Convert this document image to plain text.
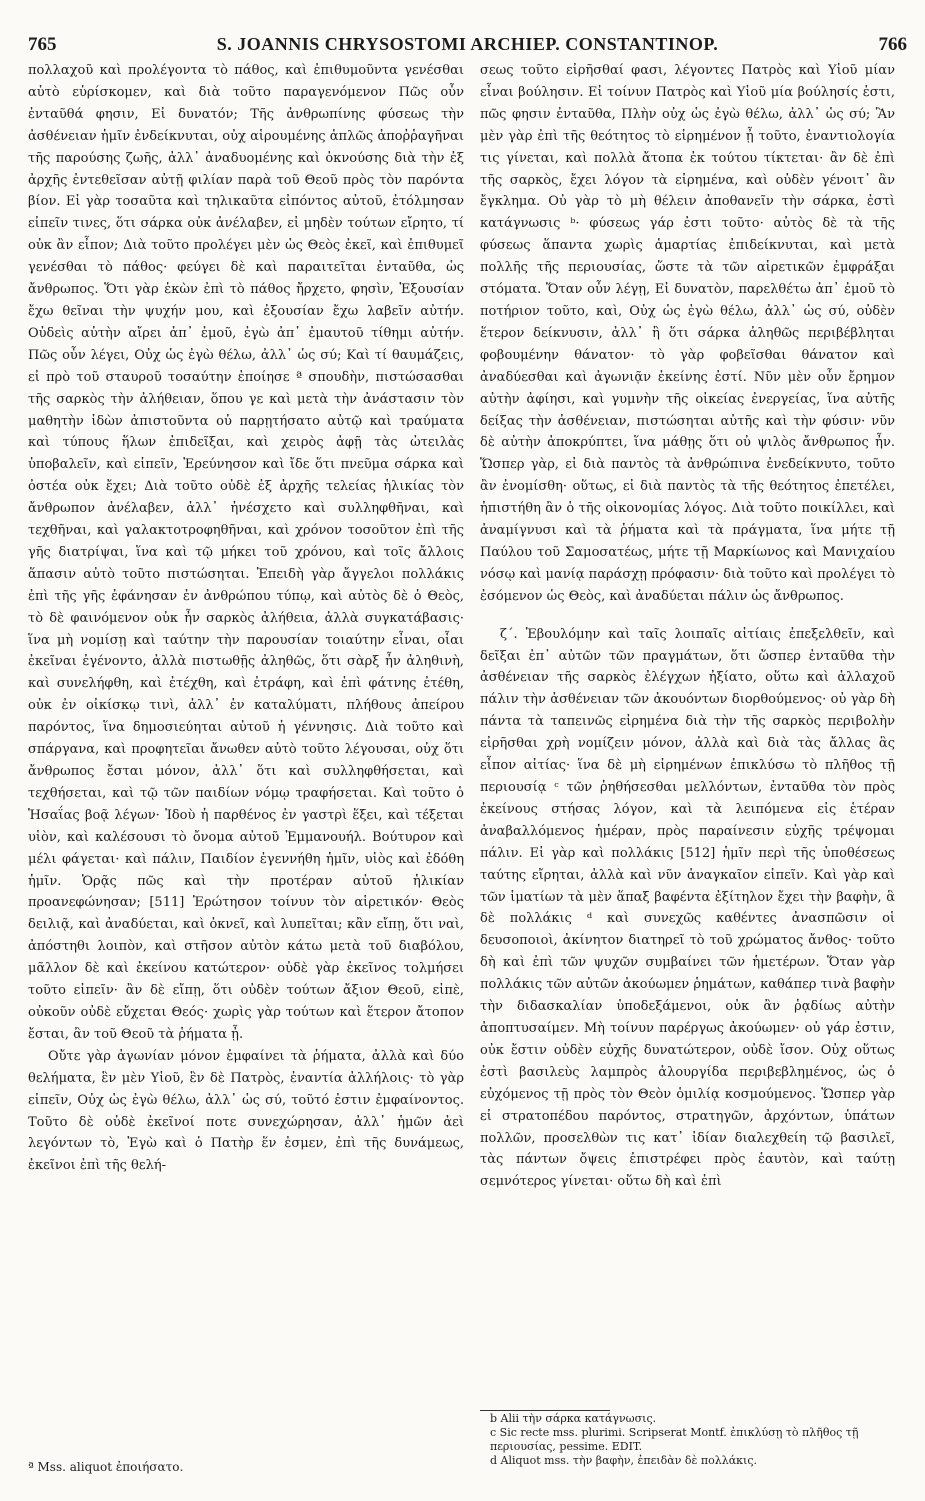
765	S. JOANNIS CHRYSOSTOMI ARCHIEP. CONSTANTINOP.	766

πολλαχοῦ καὶ προλέγοντα τὸ πάθος, καὶ ἐπιθυμοῦντα γενέσθαι αὐτὸ εὑρίσκομεν, καὶ διὰ τοῦτο παραγενόμενον Πῶς οὖν ἐνταῦθά φησιν, Εἰ δυνατόν; Τῆς ἀνθρωπίνης φύσεως τὴν ἀσθένειαν ἡμῖν ἐνδείκνυται, οὐχ αἱρουμένης ἁπλῶς ἀποῤῥαγῆναι τῆς παρούσης ζωῆς, ἀλλ᾽ ἀναδυομένης καὶ ὀκνούσης διὰ τὴν ἐξ ἀρχῆς ἐντεθεῖσαν αὐτῇ φιλίαν παρὰ τοῦ Θεοῦ πρὸς τὸν παρόντα βίον. Εἰ γὰρ τοσαῦτα καὶ τηλικαῦτα εἰπόντος αὐτοῦ, ἐτόλμησαν εἰπεῖν τινες, ὅτι σάρκα οὐκ ἀνέλαβεν, εἰ μηδὲν τούτων εἴρητο, τί οὐκ ἂν εἶπον; Διὰ τοῦτο προλέγει μὲν ὡς Θεὸς ἐκεῖ, καὶ ἐπιθυμεῖ γενέσθαι τὸ πάθος· φεύγει δὲ καὶ παραιτεῖται ἐνταῦθα, ὡς ἄνθρωπος. Ὅτι γὰρ ἑκὼν ἐπὶ τὸ πάθος ἤρχετο, φησὶν, Ἐξουσίαν ἔχω θεῖναι τὴν ψυχήν μου, καὶ ἐξουσίαν ἔχω λαβεῖν αὐτήν. Οὐδεὶς αὐτὴν αἴρει ἀπ᾽ ἐμοῦ, ἐγὼ ἀπ᾽ ἐμαυτοῦ τίθημι αὐτήν. Πῶς οὖν λέγει, Οὐχ ὡς ἐγὼ θέλω, ἀλλ᾽ ὡς σύ; Καὶ τί θαυμάζεις, εἰ πρὸ τοῦ σταυροῦ τοσαύτην ἐποίησε ª σπουδὴν, πιστώσασθαι τῆς σαρκὸς τὴν ἀλήθειαν, ὅπου γε καὶ μετὰ τὴν ἀνάστασιν τὸν μαθητὴν ἰδὼν ἀπιστοῦντα οὐ παρῃτήσατο αὐτῷ καὶ τραύματα καὶ τύπους ἥλων ἐπιδεῖξαι, καὶ χειρὸς ἀφῇ τὰς ὠτειλὰς ὑποβαλεῖν, καὶ εἰπεῖν, Ἐρεύνησον καὶ ἴδε ὅτι πνεῦμα σάρκα καὶ ὀστέα οὐκ ἔχει; Διὰ τοῦτο οὐδὲ ἐξ ἀρχῆς τελείας ἡλικίας τὸν ἄνθρωπον ἀνέλαβεν, ἀλλ᾽ ἠνέσχετο καὶ συλληφθῆναι, καὶ τεχθῆναι, καὶ γαλακτοτροφηθῆναι, καὶ χρόνον τοσοῦτον ἐπὶ τῆς γῆς διατρίψαι, ἵνα καὶ τῷ μήκει τοῦ χρόνου, καὶ τοῖς ἄλλοις ἅπασιν αὐτὸ τοῦτο πιστώσηται. Ἐπειδὴ γὰρ ἄγγελοι πολλάκις ἐπὶ τῆς γῆς ἐφάνησαν ἐν ἀνθρώπου τύπῳ, καὶ αὐτὸς δὲ ὁ Θεὸς, τὸ δὲ φαινόμενον οὐκ ἦν σαρκὸς ἀλήθεια, ἀλλὰ συγκατάβασις· ἵνα μὴ νομίσῃ καὶ ταύτην τὴν παρουσίαν τοιαύτην εἶναι, οἷαι ἐκεῖναι ἐγένοντο, ἀλλὰ πιστωθῇς ἀληθῶς, ὅτι σὰρξ ἦν ἀληθινὴ, καὶ συνελήφθη, καὶ ἐτέχθη, καὶ ἐτράφη, καὶ ἐπὶ φάτνης ἐτέθη, οὐκ ἐν οἰκίσκῳ τινὶ, ἀλλ᾽ ἐν καταλύματι, πλήθους ἀπείρου παρόντος, ἵνα δημοσιεύηται αὐτοῦ ἡ γέννησις. Διὰ τοῦτο καὶ σπάργανα, καὶ προφητεῖαι ἄνωθεν αὐτὸ τοῦτο λέγουσαι, οὐχ ὅτι ἄνθρωπος ἔσται μόνον, ἀλλ᾽ ὅτι καὶ συλληφθήσεται, καὶ τεχθήσεται, καὶ τῷ τῶν παιδίων νόμῳ τραφήσεται. Καὶ τοῦτο ὁ Ἡσαΐας βοᾷ λέγων· Ἰδοὺ ἡ παρθένος ἐν γαστρὶ ἕξει, καὶ τέξεται υἱὸν, καὶ καλέσουσι τὸ ὄνομα αὐτοῦ Ἐμμανουήλ. Βούτυρον καὶ μέλι φάγεται· καὶ πάλιν, Παιδίον ἐγεννήθη ἡμῖν, υἱὸς καὶ ἐδόθη ἡμῖν. Ὁρᾷς πῶς καὶ τὴν προτέραν αὐτοῦ ἡλικίαν προανεφώνησαν; [511] Ἐρώτησον τοίνυν τὸν αἱρετικόν· Θεὸς δειλιᾷ, καὶ ἀναδύεται, καὶ ὀκνεῖ, καὶ λυπεῖται; κἂν εἴπῃ, ὅτι ναὶ, ἀπόστηθι λοιπὸν, καὶ στῆσον αὐτὸν κάτω μετὰ τοῦ διαβόλου, μᾶλλον δὲ καὶ ἐκείνου κατώτερον· οὐδὲ γὰρ ἐκεῖνος τολμήσει τοῦτο εἰπεῖν· ἂν δὲ εἴπῃ, ὅτι οὐδὲν τούτων ἄξιον Θεοῦ, εἰπὲ, οὐκοῦν οὐδὲ εὔχεται Θεός· χωρὶς γὰρ τούτων καὶ ἕτερον ἄτοπον ἔσται, ἂν τοῦ Θεοῦ τὰ ῥήματα ᾖ.

Οὔτε γὰρ ἀγωνίαν μόνον ἐμφαίνει τὰ ῥήματα, ἀλλὰ καὶ δύο θελήματα, ἓν μὲν Υἱοῦ, ἓν δὲ Πατρὸς, ἐναντία ἀλλήλοις· τὸ γὰρ εἰπεῖν, Οὐχ ὡς ἐγὼ θέλω, ἀλλ᾽ ὡς σύ, τοῦτό ἐστιν ἐμφαίνοντος. Τοῦτο δὲ οὐδὲ ἐκεῖνοί ποτε συνεχώρησαν, ἀλλ᾽ ἡμῶν ἀεὶ λεγόντων τὸ, Ἐγὼ καὶ ὁ Πατὴρ ἕν ἐσμεν, ἐπὶ τῆς δυνάμεως, ἐκεῖνοι ἐπὶ τῆς θελή-

σεως τοῦτο εἰρῆσθαί φασι, λέγοντες Πατρὸς καὶ Υἱοῦ μίαν εἶναι βούλησιν. Εἰ τοίνυν Πατρὸς καὶ Υἱοῦ μία βούλησίς ἐστι, πῶς φησιν ἐνταῦθα, Πλὴν οὐχ ὡς ἐγὼ θέλω, ἀλλ᾽ ὡς σύ; Ἂν μὲν γὰρ ἐπὶ τῆς θεότητος τὸ εἰρημένον ᾖ τοῦτο, ἐναντιολογία τις γίνεται, καὶ πολλὰ ἄτοπα ἐκ τούτου τίκτεται· ἂν δὲ ἐπὶ τῆς σαρκὸς, ἔχει λόγον τὰ εἰρημένα, καὶ οὐδὲν γένοιτ᾽ ἂν ἔγκλημα. Οὐ γὰρ τὸ μὴ θέλειν ἀποθανεῖν τὴν σάρκα, ἐστὶ κατάγνωσις ᵇ· φύσεως γάρ ἐστι τοῦτο· αὐτὸς δὲ τὰ τῆς φύσεως ἅπαντα χωρὶς ἁμαρτίας ἐπιδείκνυται, καὶ μετὰ πολλῆς τῆς περιουσίας, ὥστε τὰ τῶν αἱρετικῶν ἐμφράξαι στόματα. Ὅταν οὖν λέγῃ, Εἰ δυνατὸν, παρελθέτω ἀπ᾽ ἐμοῦ τὸ ποτήριον τοῦτο, καὶ, Οὐχ ὡς ἐγὼ θέλω, ἀλλ᾽ ὡς σύ, οὐδὲν ἕτερον δείκνυσιν, ἀλλ᾽ ἢ ὅτι σάρκα ἀληθῶς περιβέβληται φοβουμένην θάνατον· τὸ γὰρ φοβεῖσθαι θάνατον καὶ ἀναδύεσθαι καὶ ἀγωνιᾷν ἐκείνης ἐστί. Νῦν μὲν οὖν ἔρημον αὐτὴν ἀφίησι, καὶ γυμνὴν τῆς οἰκείας ἐνεργείας, ἵνα αὐτῆς δείξας τὴν ἀσθένειαν, πιστώσηται αὐτῆς καὶ τὴν φύσιν· νῦν δὲ αὐτὴν ἀποκρύπτει, ἵνα μάθῃς ὅτι οὐ ψιλὸς ἄνθρωπος ἦν. Ὥσπερ γὰρ, εἰ διὰ παντὸς τὰ ἀνθρώπινα ἐνεδείκνυτο, τοῦτο ἂν ἐνομίσθη· οὕτως, εἰ διὰ παντὸς τὰ τῆς θεότητος ἐπετέλει, ἠπιστήθη ἂν ὁ τῆς οἰκονομίας λόγος. Διὰ τοῦτο ποικίλλει, καὶ ἀναμίγνυσι καὶ τὰ ῥήματα καὶ τὰ πράγματα, ἵνα μήτε τῇ Παύλου τοῦ Σαμοσατέως, μήτε τῇ Μαρκίωνος καὶ Μανιχαίου νόσῳ καὶ μανίᾳ παράσχῃ πρόφασιν· διὰ τοῦτο καὶ προλέγει τὸ ἐσόμενον ὡς Θεὸς, καὶ ἀναδύεται πάλιν ὡς ἄνθρωπος.

ζ΄. Ἐβουλόμην καὶ ταῖς λοιπαῖς αἰτίαις ἐπεξελθεῖν, καὶ δεῖξαι ἐπ᾽ αὐτῶν τῶν πραγμάτων, ὅτι ὥσπερ ἐνταῦθα τὴν ἀσθένειαν τῆς σαρκὸς ἐλέγχων ἠξίατο, οὕτω καὶ ἀλλαχοῦ πάλιν τὴν ἀσθένειαν τῶν ἀκουόντων διορθούμενος· οὐ γὰρ δὴ πάντα τὰ ταπεινῶς εἰρημένα διὰ τὴν τῆς σαρκὸς περιβολὴν εἰρῆσθαι χρὴ νομίζειν μόνον, ἀλλὰ καὶ διὰ τὰς ἄλλας ἃς εἶπον αἰτίας· ἵνα δὲ μὴ εἰρημένων ἐπικλύσω τὸ πλῆθος τῇ περιουσίᾳ ᶜ τῶν ῥηθήσεσθαι μελλόντων, ἐνταῦθα τὸν πρὸς ἐκείνους στήσας λόγον, καὶ τὰ λειπόμενα εἰς ἑτέραν ἀναβαλλόμενος ἡμέραν, πρὸς παραίνεσιν εὐχῆς τρέψομαι πάλιν. Εἰ γὰρ καὶ πολλάκις [512] ἡμῖν περὶ τῆς ὑποθέσεως ταύτης εἴρηται, ἀλλὰ καὶ νῦν ἀναγκαῖον εἰπεῖν. Καὶ γὰρ καὶ τῶν ἱματίων τὰ μὲν ἅπαξ βαφέντα ἐξίτηλον ἔχει τὴν βαφὴν, ἃ δὲ πολλάκις ᵈ καὶ συνεχῶς καθέντες ἀνασπῶσιν οἱ δευσοποιοὶ, ἀκίνητον διατηρεῖ τὸ τοῦ χρώματος ἄνθος· τοῦτο δὴ καὶ ἐπὶ τῶν ψυχῶν συμβαίνει τῶν ἡμετέρων. Ὅταν γὰρ πολλάκις τῶν αὐτῶν ἀκούωμεν ῥημάτων, καθάπερ τινὰ βαφὴν τὴν διδασκαλίαν ὑποδεξάμενοι, οὐκ ἂν ῥᾳδίως αὐτὴν ἀποπτυσαίμεν. Μὴ τοίνυν παρέργως ἀκούωμεν· οὐ γάρ ἐστιν, οὐκ ἔστιν οὐδὲν εὐχῆς δυνατώτερον, οὐδὲ ἴσον. Οὐχ οὕτως ἐστὶ βασιλεὺς λαμπρὸς ἁλουργίδα περιβεβλημένος, ὡς ὁ εὐχόμενος τῇ πρὸς τὸν Θεὸν ὁμιλίᾳ κοσμούμενος. Ὥσπερ γὰρ εἰ στρατοπέδου παρόντος, στρατηγῶν, ἀρχόντων, ὑπάτων πολλῶν, προσελθὼν τις κατ᾽ ἰδίαν διαλεχθείη τῷ βασιλεῖ, τὰς πάντων ὄψεις ἐπιστρέφει πρὸς ἑαυτὸν, καὶ ταύτῃ σεμνότερος γίνεται· οὕτω δὴ καὶ ἐπὶ

b Alii τὴν σάρκα κατάγνωσις.
c Sic recte mss. plurimi. Scripserat Montf. ἐπικλύσῃ τὸ πλῆθος τῇ περιουσίας, pessime. EDIT.
d Aliquot mss. τὴν βαφὴν, ἐπειδὰν δὲ πολλάκις.
ª Mss. aliquot ἐποιήσατο.
